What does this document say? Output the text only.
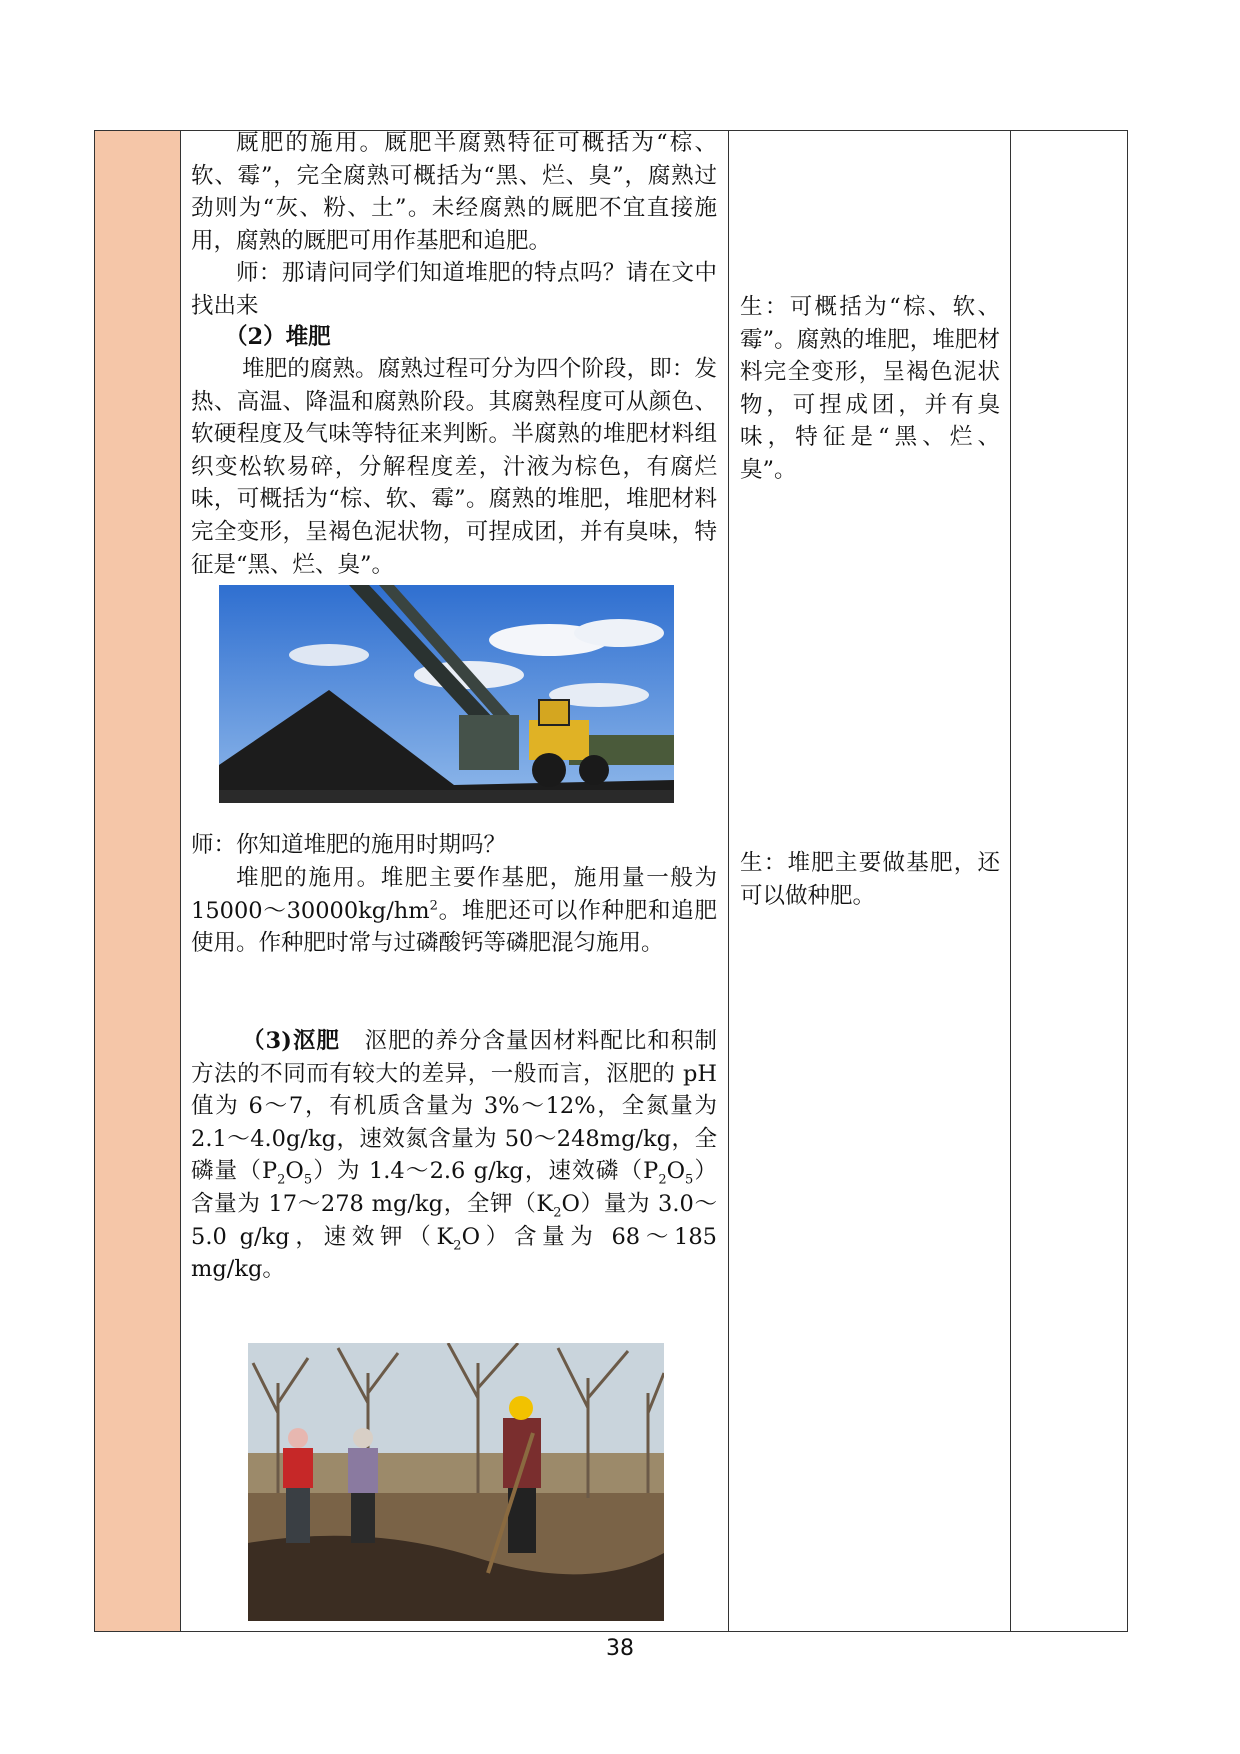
厩肥的施用。厩肥半腐熟特征可概括为“棕、软、霉”，完全腐熟可概括为“黑、烂、臭”，腐熟过劲则为“灰、粉、土”。未经腐熟的厩肥不宜直接施用，腐熟的厩肥可用作基肥和追肥。

师：那请问同学们知道堆肥的特点吗？请在文中找出来

（2）堆肥

堆肥的腐熟。腐熟过程可分为四个阶段，即：发热、高温、降温和腐熟阶段。其腐熟程度可从颜色、软硬程度及气味等特征来判断。半腐熟的堆肥材料组织变松软易碎，分解程度差，汁液为棕色，有腐烂味，可概括为“棕、软、霉”。腐熟的堆肥，堆肥材料完全变形，呈褐色泥状物，可捏成团，并有臭味，特征是“黑、烂、臭”。

师：你知道堆肥的施用时期吗？

堆肥的施用。堆肥主要作基肥，施用量一般为$15000\sim 30000kg/hm^2$。堆肥还可以作种肥和追肥使用。作种肥时常与过磷酸钙等磷肥混匀施用。

（3)沤肥 沤肥的养分含量因材料配比和积制方法的不同而有较大的差异，一般而言，沤肥的 pH 值为 6～7，有机质含量为 3%～12%，全氮量为 2.1～4.0g/kg，速效氮含量为 50～248mg/kg，全磷量$(P_2O_5)$为 1.4～2.6 g/kg，速效磷$(P_2O_5)$含量为 17～278 mg/kg，全钾$(K_2O)$量为 3.0～5.0 g/kg，速效钾$(K_2O)$含量为 68～185 mg/kg。

生：可概括为“棕、软、霉”。腐熟的堆肥，堆肥材料完全变形，呈褐色泥状物，可捏成团，并有臭味，特征是“黑、烂、臭”。

生：堆肥主要做基肥，还可以做种肥。

38
